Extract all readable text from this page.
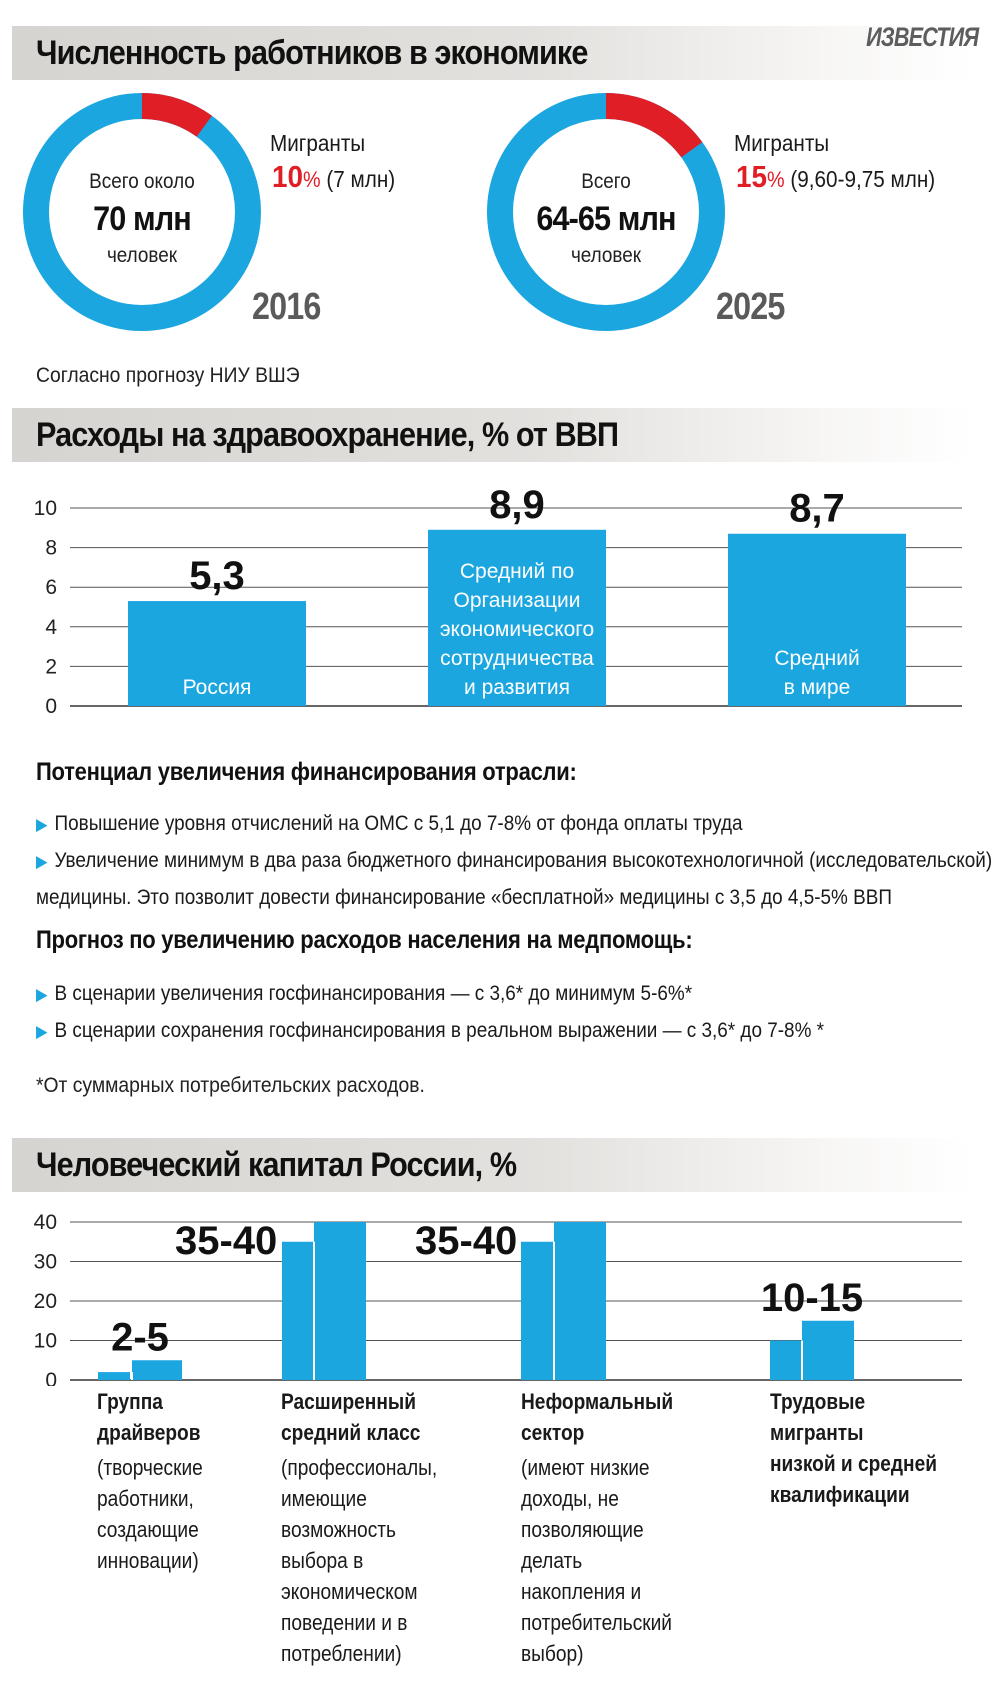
Численность работников в экономике	ИЗВЕСТИЯ
Всего около
70 млн
человек
Мигранты
10% (7 млн)
2016
Всего
64-65 млн
человек
Мигранты
15% (9,60-9,75 млн)
2025
Согласно прогнозу НИУ ВШЭ
Расходы на здравоохранение, % от ВВП
0
2
4
6
8
10
5,3
Россия
8,9
Средний по
Организации
экономического
сотрудничества
и развития
8,7
Средний
в мире
Потенциал увеличения финансирования отрасли:
▶ Повышение уровня отчислений на ОМС с 5,1 до 7-8% от фонда оплаты труда
▶ Увеличение минимум в два раза бюджетного финансирования высокотехнологичной (исследовательской)
медицины. Это позволит довести финансирование «бесплатной» медицины с 3,5 до 4,5-5% ВВП
Прогноз по увеличению расходов населения на медпомощь:
▶ В сценарии увеличения госфинансирования — с 3,6* до минимум 5-6%*
▶ В сценарии сохранения госфинансирования в реальном выражении — с 3,6* до 7-8% *
*От суммарных потребительских расходов.
Человеческий капитал России, %
0
10
20
30
40
2-5
35-40	35-40
10-15
Группа
драйверов
(творческие работники, создающие инновации)
Расширенный
средний класс
(профессионалы, имеющие возможность выбора в экономическом поведении и в потреблении)
Неформальный
сектор
(имеют низкие доходы, не позволяющие делать накопления и потребительский выбор)
Трудовые
мигранты
низкой и средней
квалификации
